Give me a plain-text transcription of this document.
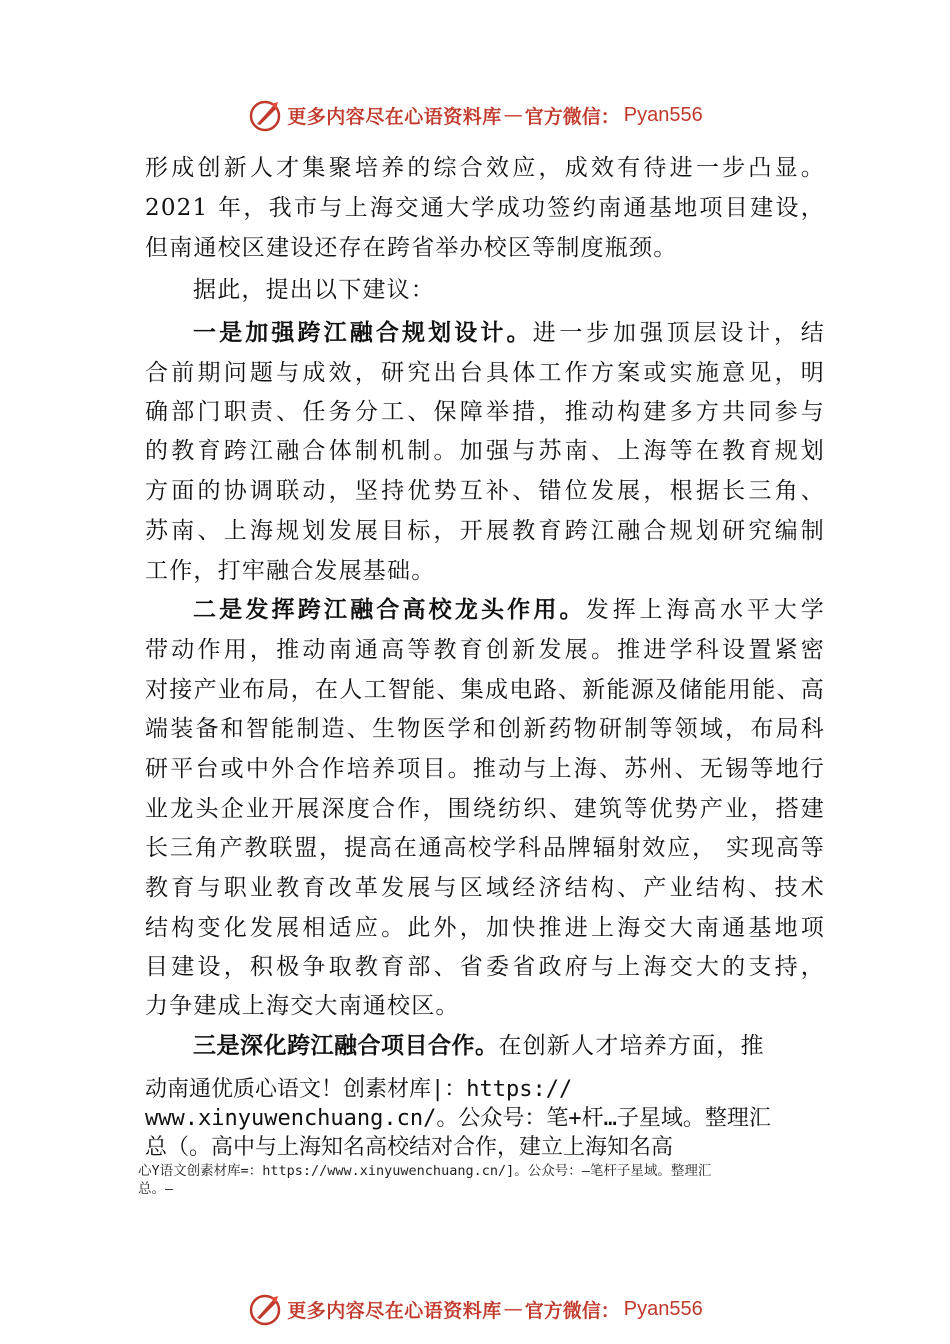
更多内容尽在心语资料库 — 官方微信： Pyan556
形成创新人才集聚培养的综合效应，成效有待进一步凸显。
2021 年，我市与上海交通大学成功签约南通基地项目建设，
但南通校区建设还存在跨省举办校区等制度瓶颈。
据此，提出以下建议：
一是加强跨江融合规划设计。进一步加强顶层设计，结
合前期问题与成效，研究出台具体工作方案或实施意见，明
确部门职责、任务分工、保障举措，推动构建多方共同参与
的教育跨江融合体制机制。加强与苏南、上海等在教育规划
方面的协调联动，坚持优势互补、错位发展，根据长三角、
苏南、上海规划发展目标，开展教育跨江融合规划研究编制
工作，打牢融合发展基础。
二是发挥跨江融合高校龙头作用。发挥上海高水平大学
带动作用，推动南通高等教育创新发展。推进学科设置紧密
对接产业布局，在人工智能、集成电路、新能源及储能用能、高
端装备和智能制造、生物医学和创新药物研制等领域，布局科
研平台或中外合作培养项目。推动与上海、苏州、无锡等地行
业龙头企业开展深度合作，围绕纺织、建筑等优势产业，搭建
长三角产教联盟，提高在通高校学科品牌辐射效应， 实现高等
教育与职业教育改革发展与区域经济结构、产业结构、技术
结构变化发展相适应。此外，加快推进上海交大南通基地项
目建设，积极争取教育部、省委省政府与上海交大的支持，
力争建成上海交大南通校区。
三是深化跨江融合项目合作。在创新人才培养方面，推
动南通优质心语文！创素材库|：https://
www.xinyuwenchuang.cn/。公众号：笔+杆…子星域。整理汇
总（。高中与上海知名高校结对合作，建立上海知名高
心Y语文创素材库=：https://www.xinyuwenchuang.cn/]。公众号：—笔杆子星域。整理汇
总。—
更多内容尽在心语资料库 — 官方微信： Pyan556
